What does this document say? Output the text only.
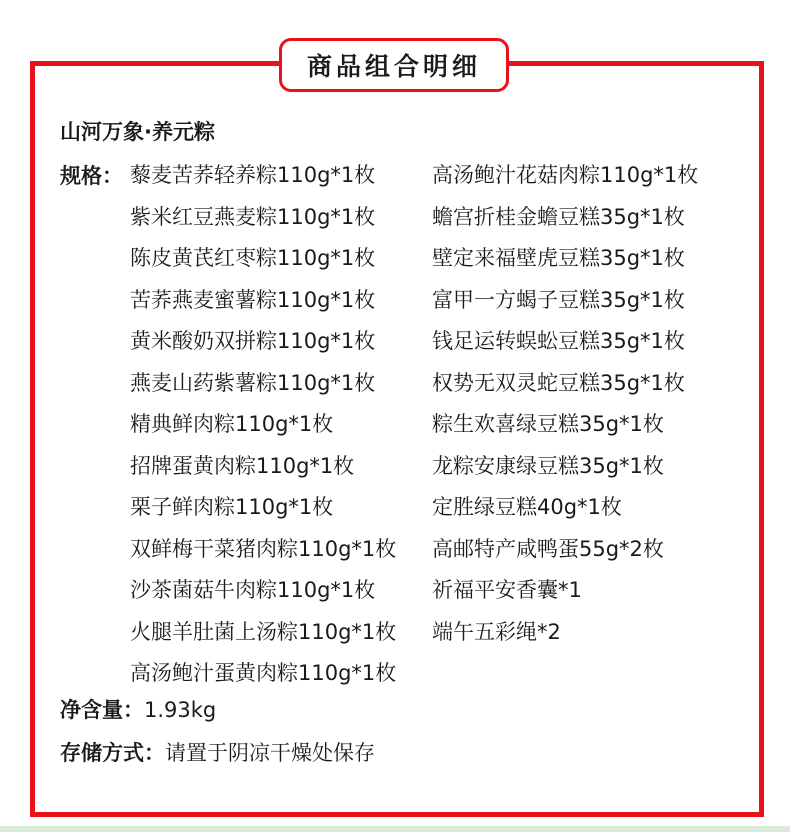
商品组合明细
山河万象·养元粽
规格： 藜麦苦荞轻养粽110g*1枚
紫米红豆燕麦粽110g*1枚
陈皮黄芪红枣粽110g*1枚
苦荞燕麦蜜薯粽110g*1枚
黄米酸奶双拼粽110g*1枚
燕麦山药紫薯粽110g*1枚
精典鲜肉粽110g*1枚
招牌蛋黄肉粽110g*1枚
栗子鲜肉粽110g*1枚
双鲜梅干菜猪肉粽110g*1枚
沙茶菌菇牛肉粽110g*1枚
火腿羊肚菌上汤粽110g*1枚
高汤鲍汁蛋黄肉粽110g*1枚
高汤鲍汁花菇肉粽110g*1枚
蟾宫折桂金蟾豆糕35g*1枚
壁定来福壁虎豆糕35g*1枚
富甲一方蝎子豆糕35g*1枚
钱足运转蜈蚣豆糕35g*1枚
权势无双灵蛇豆糕35g*1枚
粽生欢喜绿豆糕35g*1枚
龙粽安康绿豆糕35g*1枚
定胜绿豆糕40g*1枚
高邮特产咸鸭蛋55g*2枚
祈福平安香囊*1
端午五彩绳*2
净含量：1.93kg
存储方式：请置于阴凉干燥处保存
